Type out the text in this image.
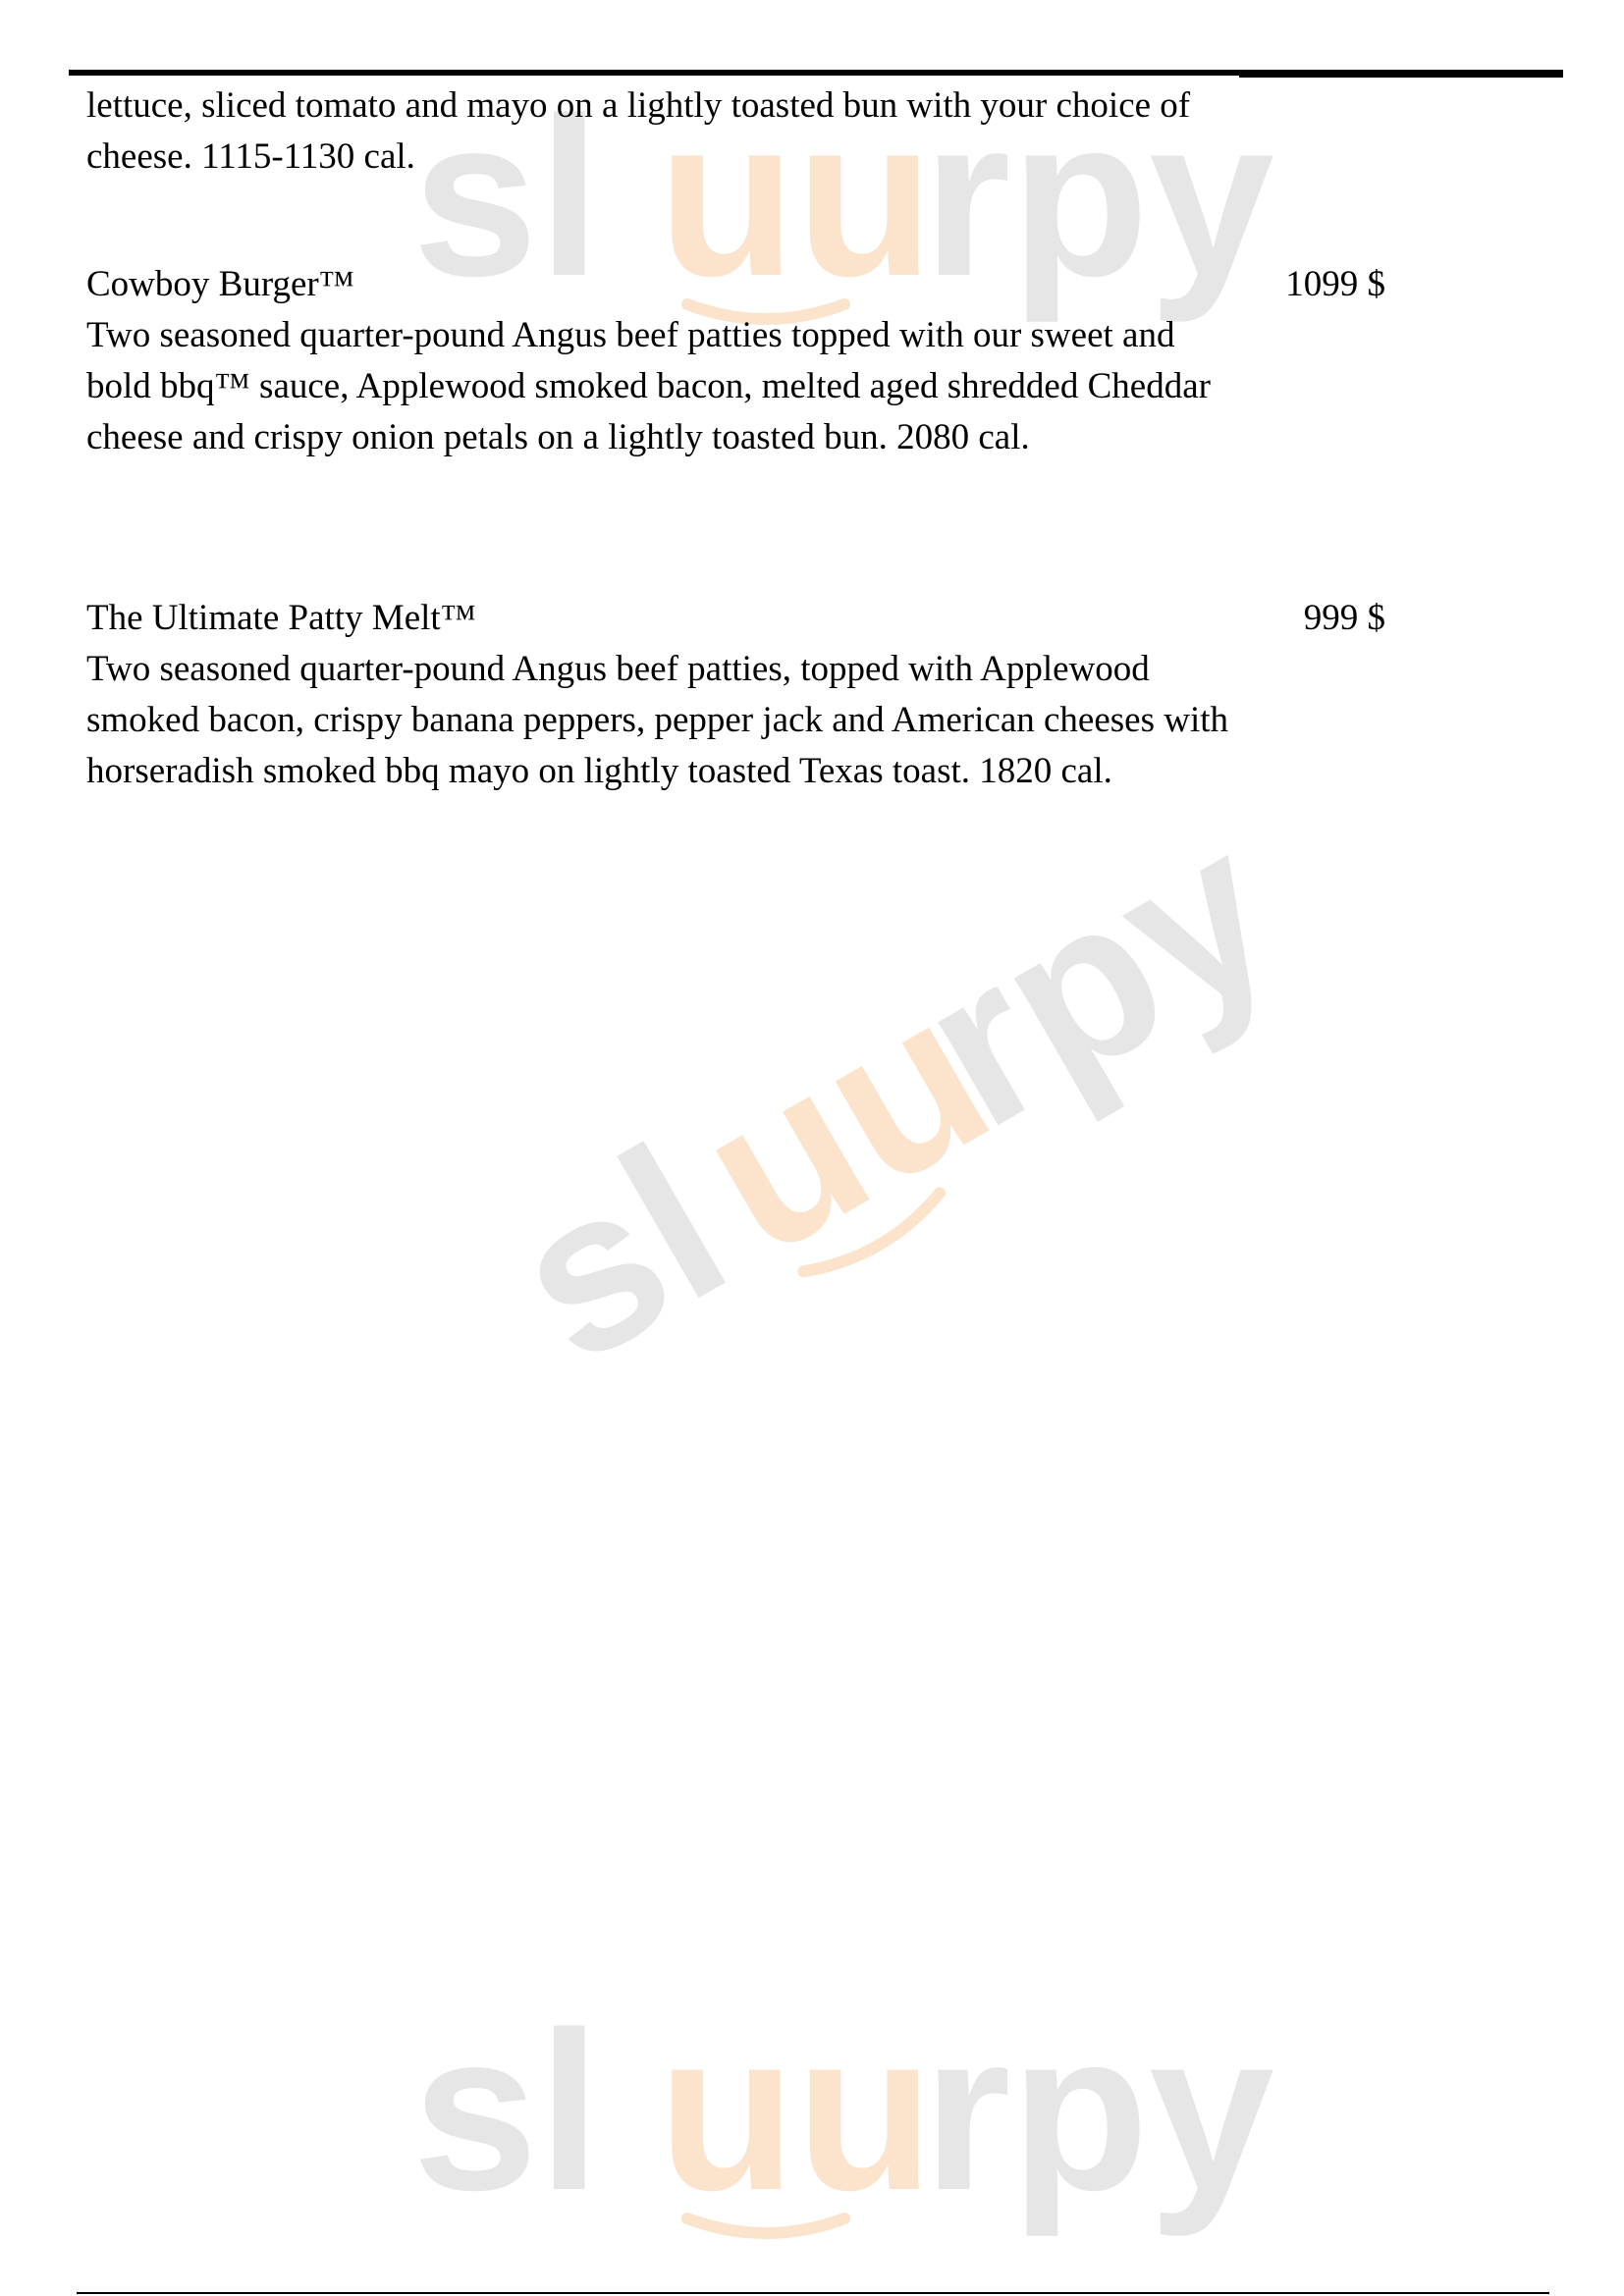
sl uu
rpy
sl
uu
rpy
sl uu
rpy

lettuce, sliced tomato and mayo on a lightly toasted bun with your choice of cheese. 1115-1130 cal.

Cowboy Burger™	1099 $

Two seasoned quarter-pound Angus beef patties topped with our sweet and bold bbq™ sauce, Applewood smoked bacon, melted aged shredded Cheddar cheese and crispy onion petals on a lightly toasted bun. 2080 cal.

The Ultimate Patty Melt™	999 $

Two seasoned quarter-pound Angus beef patties, topped with Applewood smoked bacon, crispy banana peppers, pepper jack and American cheeses with horseradish smoked bbq mayo on lightly toasted Texas toast. 1820 cal.
